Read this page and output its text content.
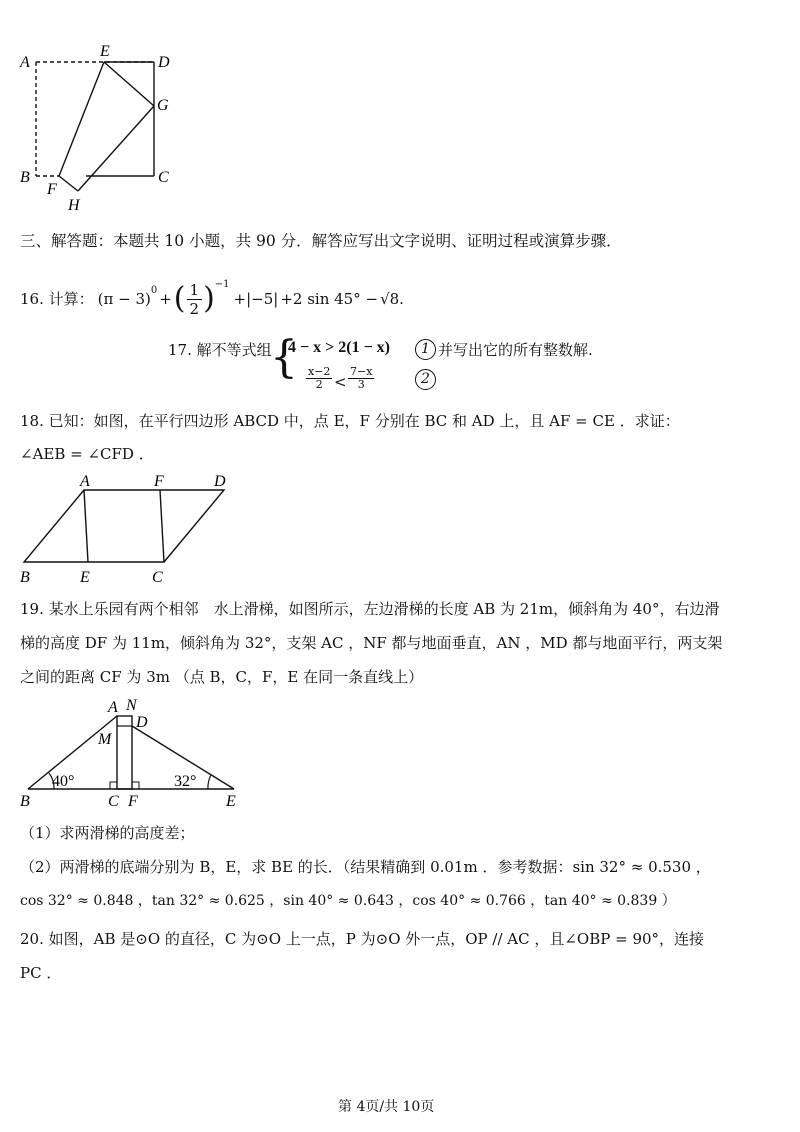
A
E
D
G
B
F
C
H
三、解答题：本题共 10 小题，共 90 分．解答应写出文字说明、证明过程或演算步骤．
16. 计算： $(\pi - 3)^0$ + ( $\frac{1}{2} )^{-1}$
+|−5| +2 sin 45° − √8 .
17. 解不等式组
{
4 − x > 2(1 − x)	1 并写出它的所有整数解.
x−2
2 <
7−x
3	2
18. 已知：如图，在平行四边形 ABCD 中，点 E，F 分别在 BC 和 AD 上，且 AF = CE ．求证：
∠AEB = ∠CFD ．
A	F	D
B	E	C
19. 某水上乐园有两个相邻　水上滑梯，如图所示，左边滑梯的长度 AB 为 21m，倾斜角为 40°，右边滑
梯的高度 DF 为 11m，倾斜角为 32°，支架 AC ，NF 都与地面垂直，AN ，MD 都与地面平行，两支架
之间的距离 CF 为 3m （点 B，C，F，E 在同一条直线上）
40°	32°
A N
D
M
B	C F	E
（1）求两滑梯的高度差；
（2）两滑梯的底端分别为 B，E，求 BE 的长．（结果精确到 0.01m ．参考数据：sin 32° ≈ 0.530 ，
cos 32° ≈ 0.848 ，tan 32° ≈ 0.625 ，sin 40° ≈ 0.643 ，cos 40° ≈ 0.766 ，tan 40° ≈ 0.839 ）
20. 如图，AB 是⊙O 的直径，C 为⊙O 上一点，P 为⊙O 外一点，OP // AC ，且∠OBP = 90°，连接
PC ．
第 4页/共 10页
